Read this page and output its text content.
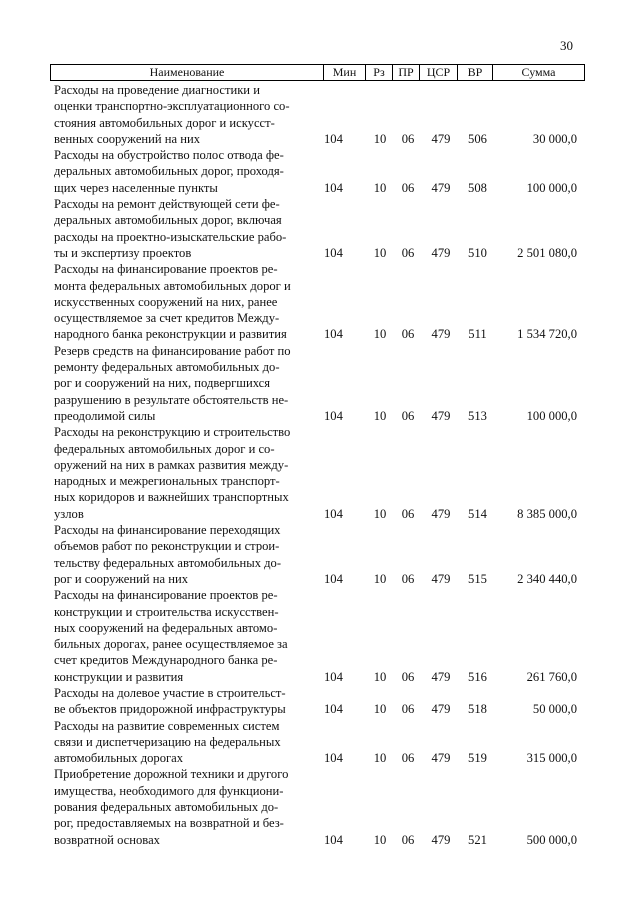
30
Наименование	Мин	Рз	ПР	ЦСР	ВР	Сумма
Расходы на проведение диагностики и
оценки транспортно-эксплуатационного со-
стояния автомобильных дорог и искусст-
венных сооружений на них	104	10	06	479	506	30 000,0
Расходы на обустройство полос отвода фе-
деральных автомобильных дорог, проходя-
щих через населенные пункты	104	10	06	479	508	100 000,0
Расходы на ремонт действующей сети фе-
деральных автомобильных дорог, включая
расходы на проектно-изыскательские рабо-
ты и экспертизу проектов	104	10	06	479	510	2 501 080,0
Расходы на финансирование проектов ре-
монта федеральных автомобильных дорог и
искусственных сооружений на них, ранее
осуществляемое за счет кредитов Между-
народного банка реконструкции и развития	104	10	06	479	511	1 534 720,0
Резерв средств на финансирование работ по
ремонту федеральных автомобильных до-
рог и сооружений на них, подвергшихся
разрушению в результате обстоятельств не-
преодолимой силы	104	10	06	479	513	100 000,0
Расходы на реконструкцию и строительство
федеральных автомобильных дорог и со-
оружений на них в рамках развития между-
народных и межрегиональных транспорт-
ных коридоров и важнейших транспортных
узлов	104	10	06	479	514	8 385 000,0
Расходы на финансирование переходящих
объемов работ по реконструкции и строи-
тельству федеральных автомобильных до-
рог и сооружений на них	104	10	06	479	515	2 340 440,0
Расходы на финансирование проектов ре-
конструкции и строительства искусствен-
ных сооружений на федеральных автомо-
бильных дорогах, ранее осуществляемое за
счет кредитов Международного банка ре-
конструкции и развития	104	10	06	479	516	261 760,0
Расходы на долевое участие в строительст-
ве объектов придорожной инфраструктуры	104	10	06	479	518	50 000,0
Расходы на развитие современных систем
связи и диспетчеризацию на федеральных
автомобильных дорогах	104	10	06	479	519	315 000,0
Приобретение дорожной техники и другого
имущества, необходимого для функциони-
рования федеральных автомобильных до-
рог, предоставляемых на возвратной и без-
возвратной основах	104	10	06	479	521	500 000,0
